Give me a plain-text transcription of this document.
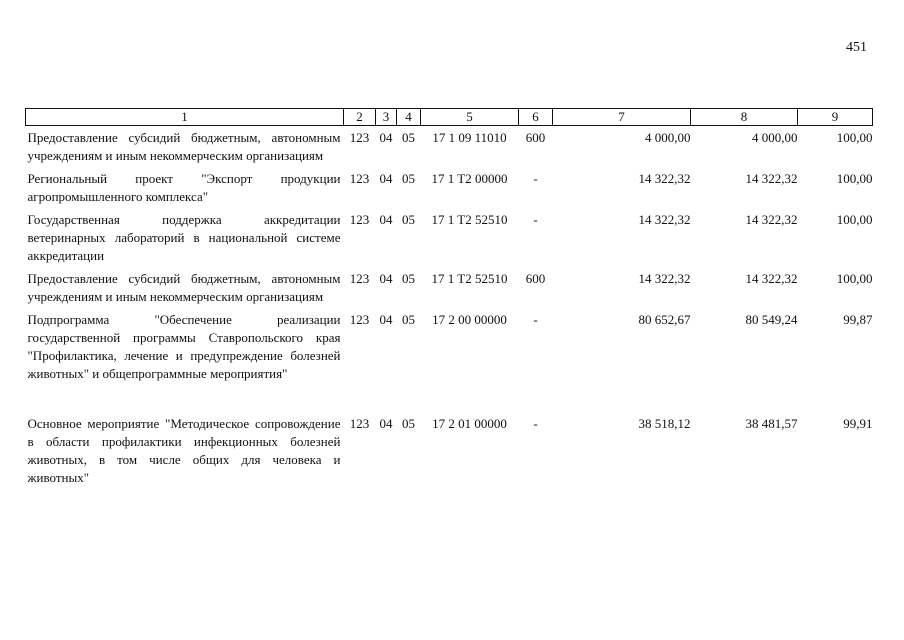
451
1	2	3	4	5	6	7	8	9
Предоставление субсидий бюджетным, автономным учреждениям и иным некоммерческим организациям	123	04	05	17 1 09 11010	600	4 000,00	4 000,00	100,00
Региональный проект "Экспорт продукции агропромышленного комплекса"	123	04	05	17 1 T2 00000	-	14 322,32	14 322,32	100,00
Государственная поддержка аккредитации ветеринарных лабораторий в национальной системе аккредитации	123	04	05	17 1 T2 52510	-	14 322,32	14 322,32	100,00
Предоставление субсидий бюджетным, автономным учреждениям и иным некоммерческим организациям	123	04	05	17 1 T2 52510	600	14 322,32	14 322,32	100,00
Подпрограмма "Обеспечение реализации государственной программы Ставропольского края "Профилактика, лечение и предупреждение болезней животных" и общепрограммные мероприятия"	123	04	05	17 2 00 00000	-	80 652,67	80 549,24	99,87

Основное мероприятие "Методическое сопровождение в области профилактики инфекционных болезней животных, в том числе общих для человека и животных"	123	04	05	17 2 01 00000	-	38 518,12	38 481,57	99,91
